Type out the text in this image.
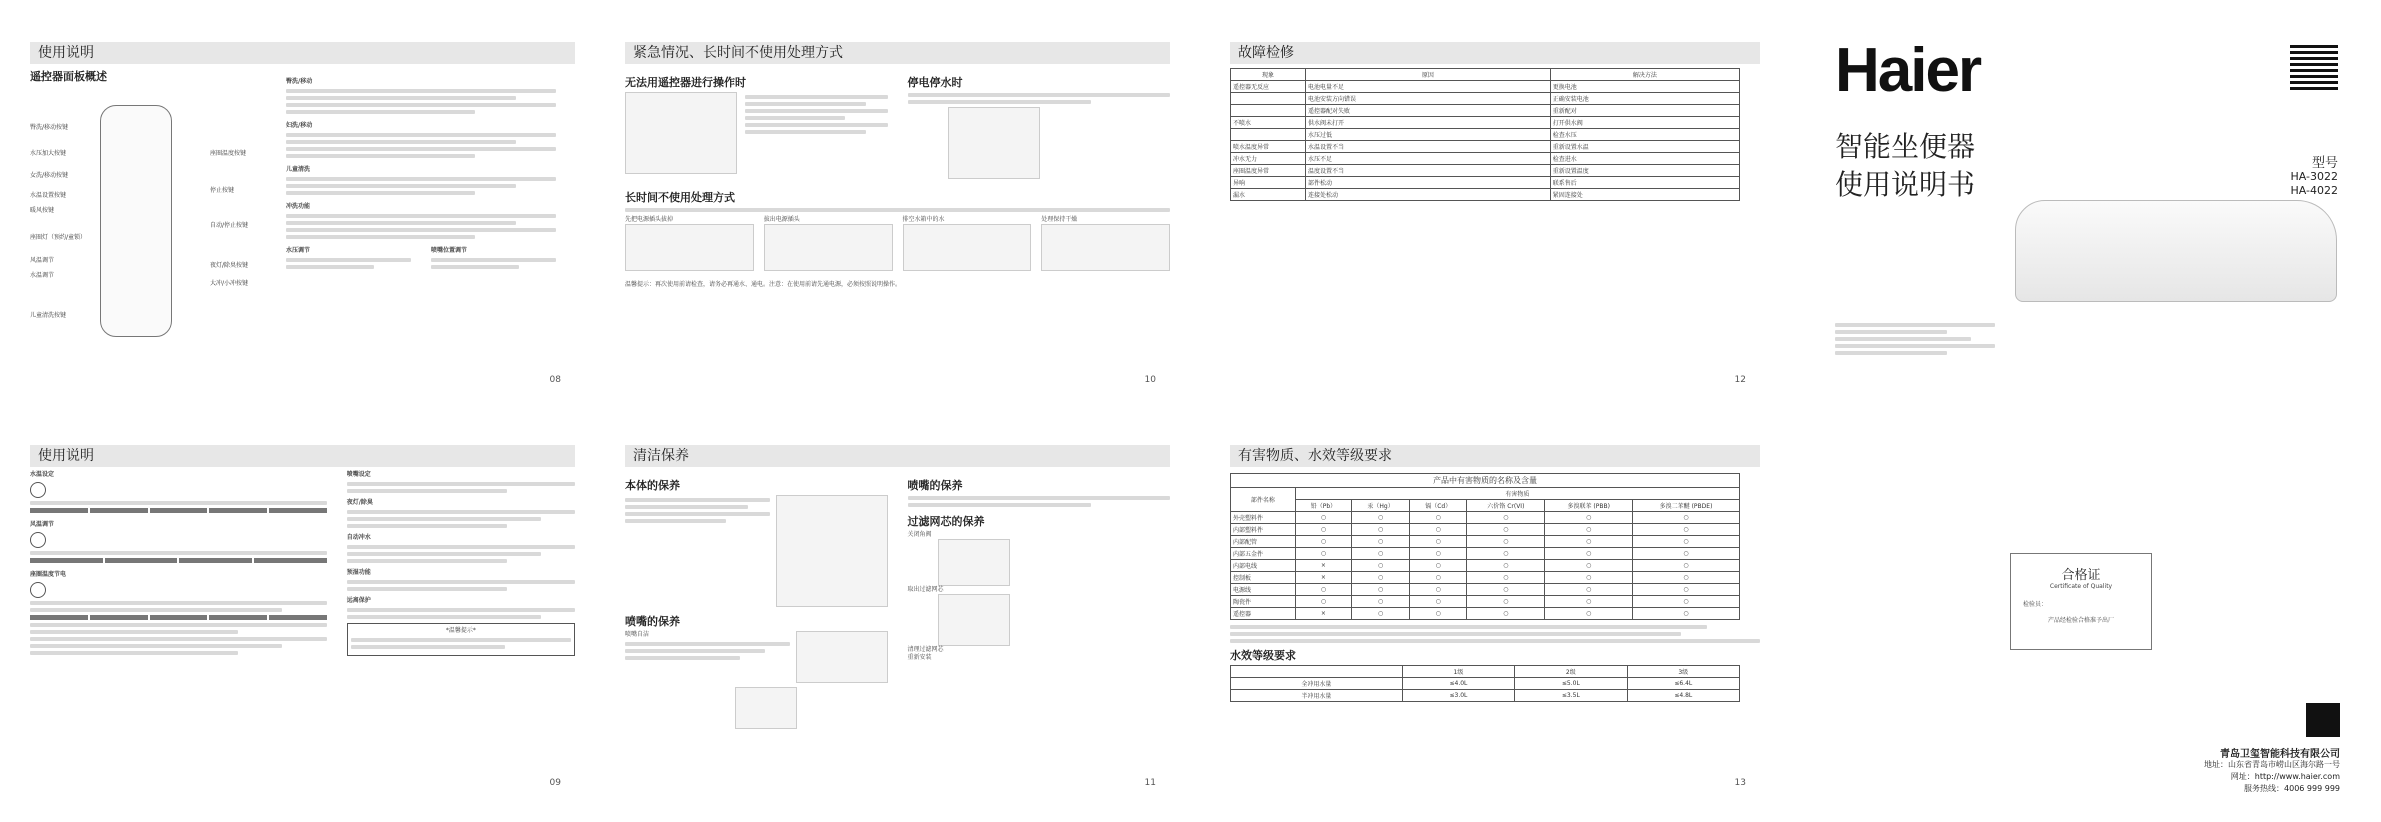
使用说明
遥控器面板概述
臀洗/移动按键
水压加大按键
女洗/移动按键
水温设置按键
暖风按键
座圈灯（预约/童锁）
风温调节
水温调节
儿童清洗按键
座圈温度按键
停止按键
自动/停止按键
夜灯/除臭按键
大冲/小冲按键
臀洗/移动
妇洗/移动
儿童清洗
冲洗功能
水压调节	喷嘴位置调节
08
紧急情况、长时间不使用处理方式
无法用遥控器进行操作时	停电停水时
长时间不使用处理方式
先把电源插头拔掉	拔出电源插头	排空水箱中的水	处理保持干燥
温馨提示：再次使用前请检查，请务必再通水、通电。注意：在使用前请先通电源，必须按照说明操作。
10
故障检修
现象	原因	解决方法
遥控器无反应	电池电量不足	更换电池
	电池安装方向错误	正确安装电池
	遥控器配对失败	重新配对
不喷水	供水阀未打开	打开供水阀
	水压过低	检查水压
喷水温度异常	水温设置不当	重新设置水温
冲水无力	水压不足	检查进水
座圈温度异常	温度设置不当	重新设置温度
异响	部件松动	联系售后
漏水	连接处松动	紧固连接处
12
Haier
智能坐便器
使用说明书
型号
HA-3022
HA-4022
使用说明
水温设定
风温调节
座圈温度节电
喷嘴设定
夜灯/除臭
自动冲水
预湿功能
远离保护
*温馨提示*
09
清洁保养
本体的保养
喷嘴的保养
喷嘴自洁
喷嘴的保养
过滤网芯的保养
关闭角阀
取出过滤网芯
清理过滤网芯
重新安装
11
有害物质、水效等级要求
产品中有害物质的名称及含量						
部件名称	有害物质					
	铅（Pb）	汞（Hg）	镉（Cd）	六价铬 Cr(VI)	多溴联苯 (PBB)	多溴二苯醚 (PBDE)
外壳塑料件	○	○	○	○	○	○
内部塑料件	○	○	○	○	○	○
内部配管	○	○	○	○	○	○
内部五金件	○	○	○	○	○	○
内部电线	×	○	○	○	○	○
控制板	×	○	○	○	○	○
电源线	○	○	○	○	○	○
陶瓷件	○	○	○	○	○	○
遥控器	×	○	○	○	○	○
水效等级要求
	1级	2级	3级
全冲用水量	≤4.0L	≤5.0L	≤6.4L
半冲用水量	≤3.0L	≤3.5L	≤4.8L
13
合格证
Certificate of Quality
检验员：
产品经检验合格准予出厂
青岛卫玺智能科技有限公司
地址：山东省青岛市崂山区海尔路一号
网址：http://www.haier.com
服务热线：4006 999 999
